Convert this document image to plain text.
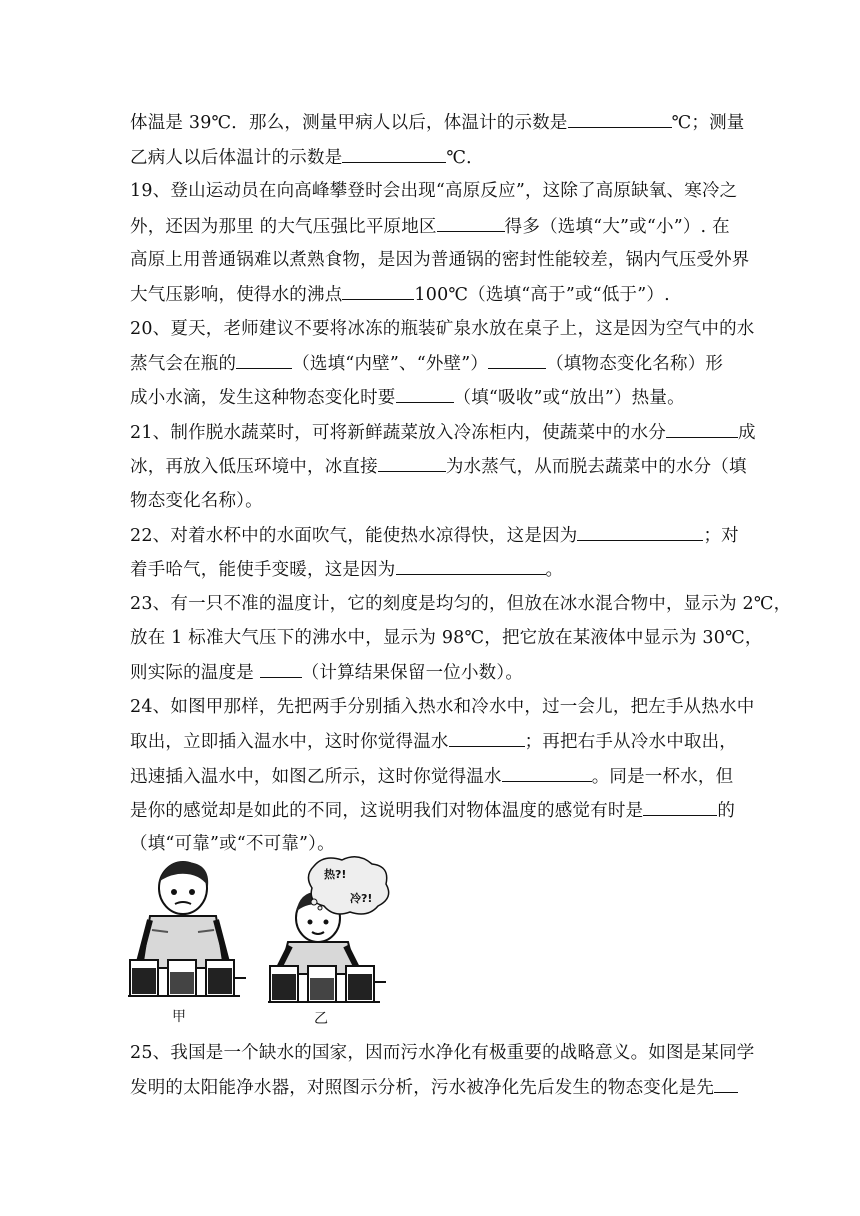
体温是 39℃．那么，测量甲病人以后，体温计的示数是	℃；测量
乙病人以后体温计的示数是	℃．
19、登山运动员在向高峰攀登时会出现“高原反应”，这除了高原缺氧、寒冷之
外，还因为那里 的大气压强比平原地区	得多（选填“大”或“小”）. 在
高原上用普通锅难以煮熟食物，是因为普通锅的密封性能较差，锅内气压受外界
大气压影响，使得水的沸点	100℃（选填“高于”或“低于”）.
20、夏天，老师建议不要将冰冻的瓶装矿泉水放在桌子上，这是因为空气中的水
蒸气会在瓶的	（选填“内壁”、“外壁”）	（填物态变化名称）形
成小水滴，发生这种物态变化时要	（填“吸收”或“放出”）热量。
21、制作脱水蔬菜时，可将新鲜蔬菜放入冷冻柜内，使蔬菜中的水分	成
冰，再放入低压环境中，冰直接	为水蒸气，从而脱去蔬菜中的水分（填
物态变化名称）。
22、对着水杯中的水面吹气，能使热水凉得快，这是因为	；对
着手哈气，能使手变暖，这是因为	。
23、有一只不准的温度计，它的刻度是均匀的，但放在冰水混合物中，显示为 2℃，
放在 1 标准大气压下的沸水中，显示为 98℃，把它放在某液体中显示为 30℃，
则实际的温度是 （计算结果保留一位小数）。
24、如图甲那样，先把两手分别插入热水和冷水中，过一会儿，把左手从热水中
取出，立即插入温水中，这时你觉得温水	；再把右手从冷水中取出，
迅速插入温水中，如图乙所示，这时你觉得温水	。同是一杯水，但
是你的感觉却是如此的不同，这说明我们对物体温度的感觉有时是	的
（填“可靠”或“不可靠”）。
甲	乙
热?!
冷?!
25、我国是一个缺水的国家，因而污水净化有极重要的战略意义。如图是某同学
发明的太阳能净水器，对照图示分析，污水被净化先后发生的物态变化是先
